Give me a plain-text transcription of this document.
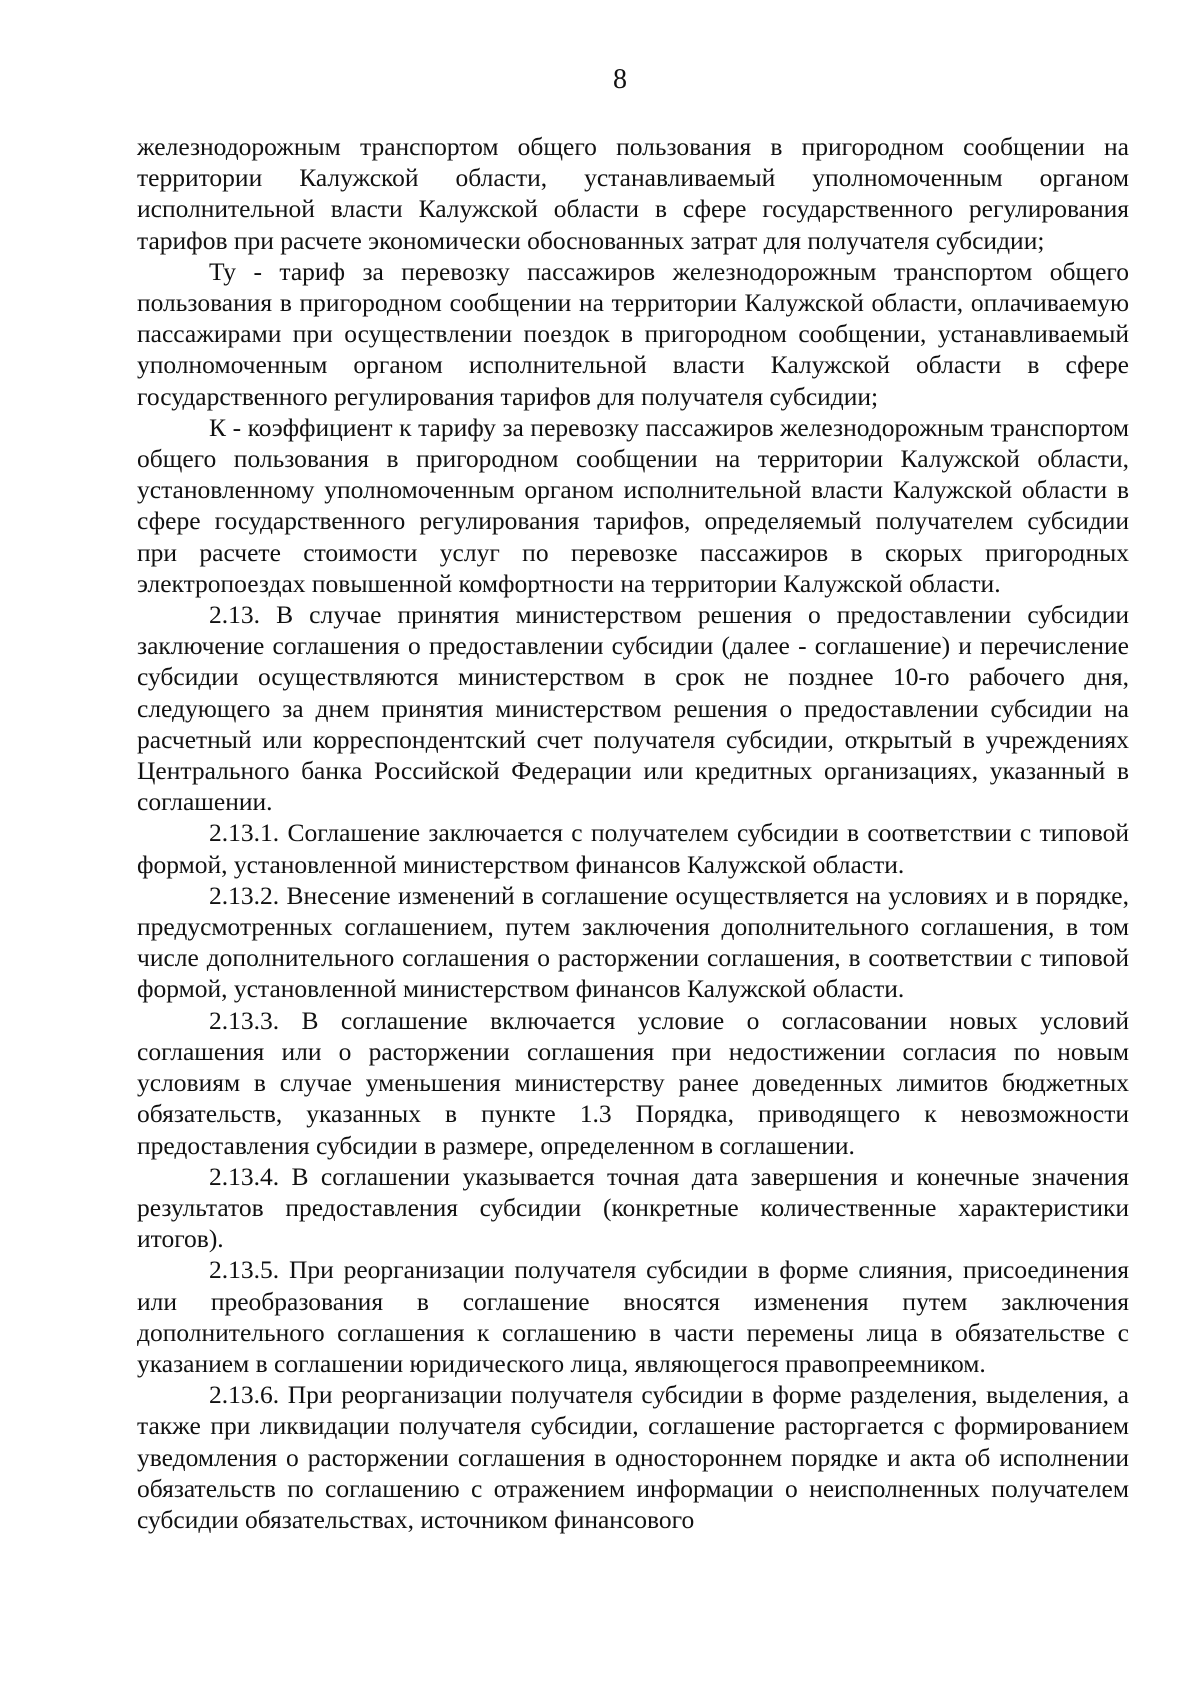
8

железнодорожным транспортом общего пользования в пригородном сообщении на территории Калужской области, устанавливаемый уполномоченным органом исполнительной власти Калужской области в сфере государственного регулирования тарифов при расчете экономически обоснованных затрат для получателя субсидии;

Ту - тариф за перевозку пассажиров железнодорожным транспортом общего пользования в пригородном сообщении на территории Калужской области, оплачиваемую пассажирами при осуществлении поездок в пригородном сообщении, устанавливаемый уполномоченным органом исполнительной власти Калужской области в сфере государственного регулирования тарифов для получателя субсидии;

К - коэффициент к тарифу за перевозку пассажиров железнодорожным транспортом общего пользования в пригородном сообщении на территории Калужской области, установленному уполномоченным органом исполнительной власти Калужской области в сфере государственного регулирования тарифов, определяемый получателем субсидии при расчете стоимости услуг по перевозке пассажиров в скорых пригородных электропоездах повышенной комфортности на территории Калужской области.

2.13. В случае принятия министерством решения о предоставлении субсидии заключение соглашения о предоставлении субсидии (далее - соглашение) и перечисление субсидии осуществляются министерством в срок не позднее 10-го рабочего дня, следующего за днем принятия министерством решения о предоставлении субсидии на расчетный или корреспондентский счет получателя субсидии, открытый в учреждениях Центрального банка Российской Федерации или кредитных организациях, указанный в соглашении.

2.13.1. Соглашение заключается с получателем субсидии в соответствии с типовой формой, установленной министерством финансов Калужской области.

2.13.2. Внесение изменений в соглашение осуществляется на условиях и в порядке, предусмотренных соглашением, путем заключения дополнительного соглашения, в том числе дополнительного соглашения о расторжении соглашения, в соответствии с типовой формой, установленной министерством финансов Калужской области.

2.13.3. В соглашение включается условие о согласовании новых условий соглашения или о расторжении соглашения при недостижении согласия по новым условиям в случае уменьшения министерству ранее доведенных лимитов бюджетных обязательств, указанных в пункте 1.3 Порядка, приводящего к невозможности предоставления субсидии в размере, определенном в соглашении.

2.13.4. В соглашении указывается точная дата завершения и конечные значения результатов предоставления субсидии (конкретные количественные характеристики итогов).

2.13.5. При реорганизации получателя субсидии в форме слияния, присоединения или преобразования в соглашение вносятся изменения путем заключения дополнительного соглашения к соглашению в части перемены лица в обязательстве с указанием в соглашении юридического лица, являющегося правопреемником.

2.13.6. При реорганизации получателя субсидии в форме разделения, выделения, а также при ликвидации получателя субсидии, соглашение расторгается с формированием уведомления о расторжении соглашения в одностороннем порядке и акта об исполнении обязательств по соглашению с отражением информации о неисполненных получателем субсидии обязательствах, источником финансового
